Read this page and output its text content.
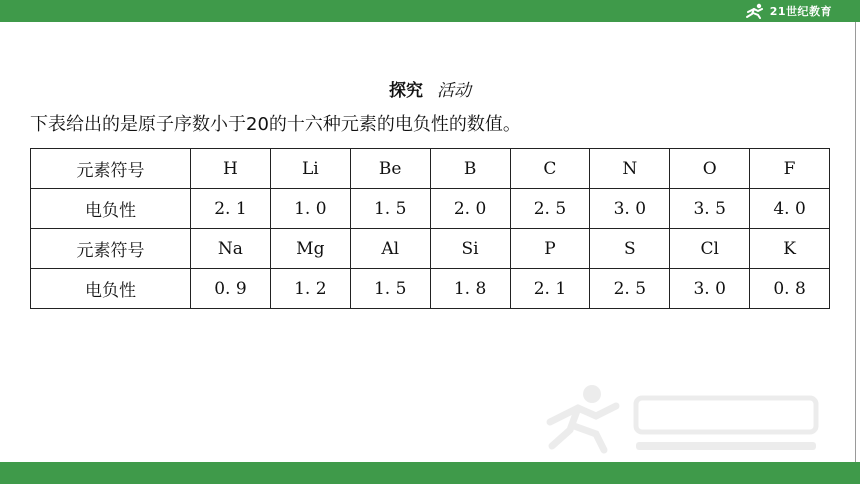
21世纪教育
探究 活动
下表给出的是原子序数小于20的十六种元素的电负性的数值。
元素符号	H	Li	Be	B	C	N	O	F
电负性	2. 1	1. 0	1. 5	2. 0	2. 5	3. 0	3. 5	4. 0
元素符号	Na	Mg	Al	Si	P	S	Cl	K
电负性	0. 9	1. 2	1. 5	1. 8	2. 1	2. 5	3. 0	0. 8
